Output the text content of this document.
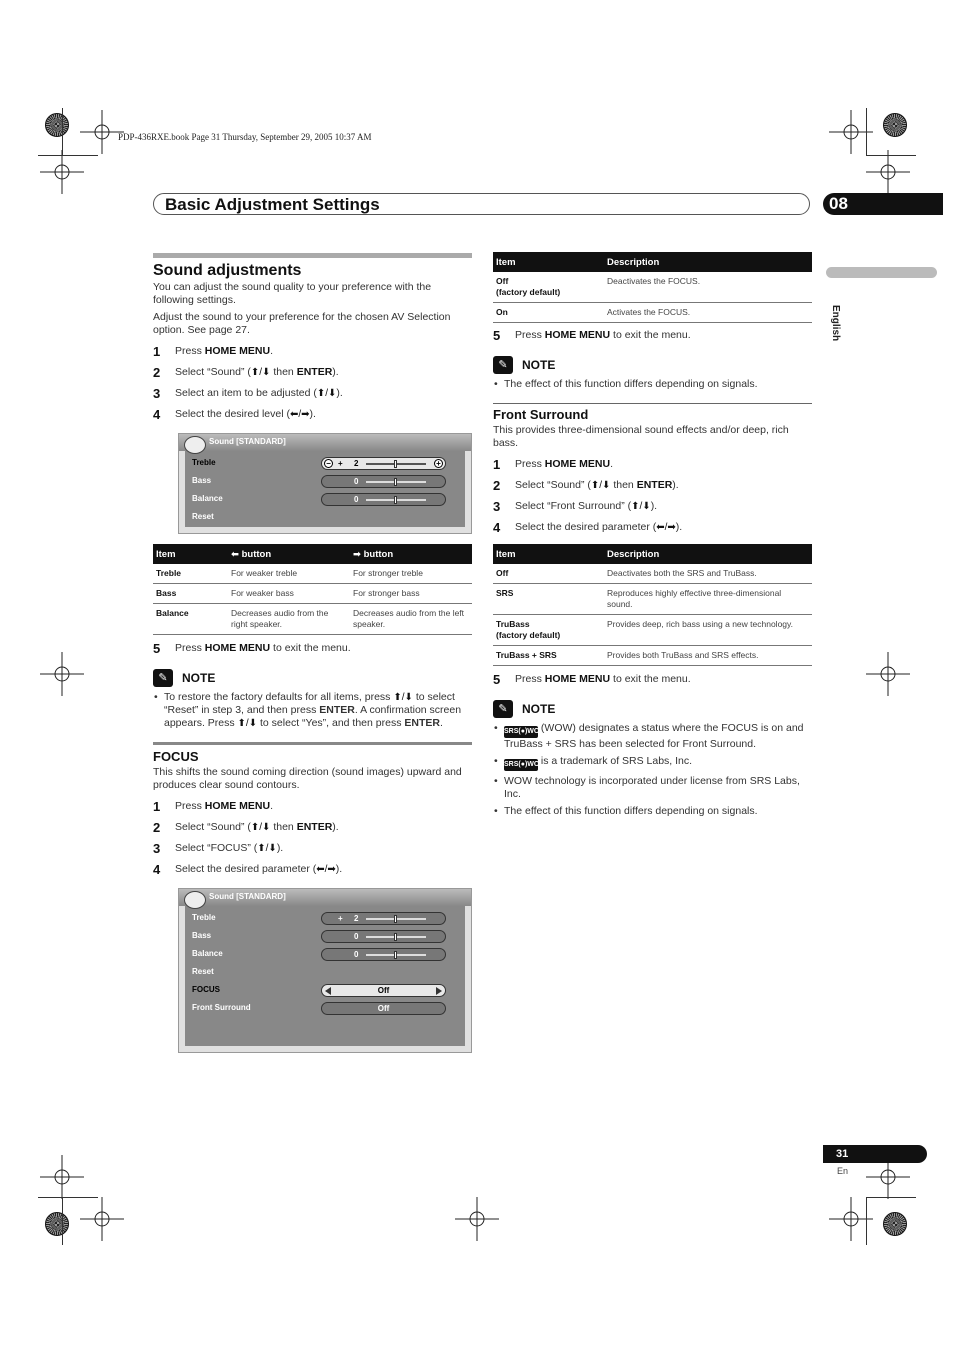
PDP-436RXE.book Page 31 Thursday, September 29, 2005 10:37 AM
Basic Adjustment Settings	08
English
Sound adjustments

You can adjust the sound quality to your preference with the following settings.

Adjust the sound to your preference for the chosen AV Selection option. See page 27.

1 Press HOME MENU.
2 Select “Sound” (⬆/⬇ then ENTER).
3 Select an item to be adjusted (⬆/⬇).
4 Select the desired level (⬅/➡).
Sound [STANDARD]
Treble	− + 2	+
Bass	0
Balance	0
Reset
Item	⬅ button	➡ button
Treble	For weaker treble	For stronger treble
Bass	For weaker bass	For stronger bass
Balance	Decreases audio from the right speaker.	Decreases audio from the left speaker.
5 Press HOME MENU to exit the menu.
✎	NOTE
• To restore the factory defaults for all items, press ⬆/⬇ to select “Reset” in step 3, and then press ENTER. A confirmation screen appears. Press ⬆/⬇ to select “Yes”, and then press ENTER.
FOCUS

This shifts the sound coming direction (sound images) upward and produces clear sound contours.

1 Press HOME MENU.
2 Select “Sound” (⬆/⬇ then ENTER).
3 Select “FOCUS” (⬆/⬇).
4 Select the desired parameter (⬅/➡).
Sound [STANDARD]
Treble	+ 2
Bass	0
Balance	0
Reset
FOCUS	Off
Front Surround	Off
Item	Description
Off
(factory default)	Deactivates the FOCUS.
On	Activates the FOCUS.
5 Press HOME MENU to exit the menu.
✎	NOTE
• The effect of this function differs depending on signals.
Front Surround

This provides three-dimensional sound effects and/or deep, rich bass.

1 Press HOME MENU.
2 Select “Sound” (⬆/⬇ then ENTER).
3 Select “Front Surround” (⬆/⬇).
4 Select the desired parameter (⬅/➡).
Item	Description
Off	Deactivates both the SRS and TruBass.
SRS	Reproduces highly effective three-dimensional sound.
TruBass
(factory default)	Provides deep, rich bass using a new technology.
TruBass + SRS	Provides both TruBass and SRS effects.
5 Press HOME MENU to exit the menu.
✎	NOTE
• SRS(●)WOW (WOW) designates a status where the FOCUS is on and TruBass + SRS has been selected for Front Surround.
• SRS(●)WOW is a trademark of SRS Labs, Inc.
• WOW technology is incorporated under license from SRS Labs, Inc.
• The effect of this function differs depending on signals.
31
En
